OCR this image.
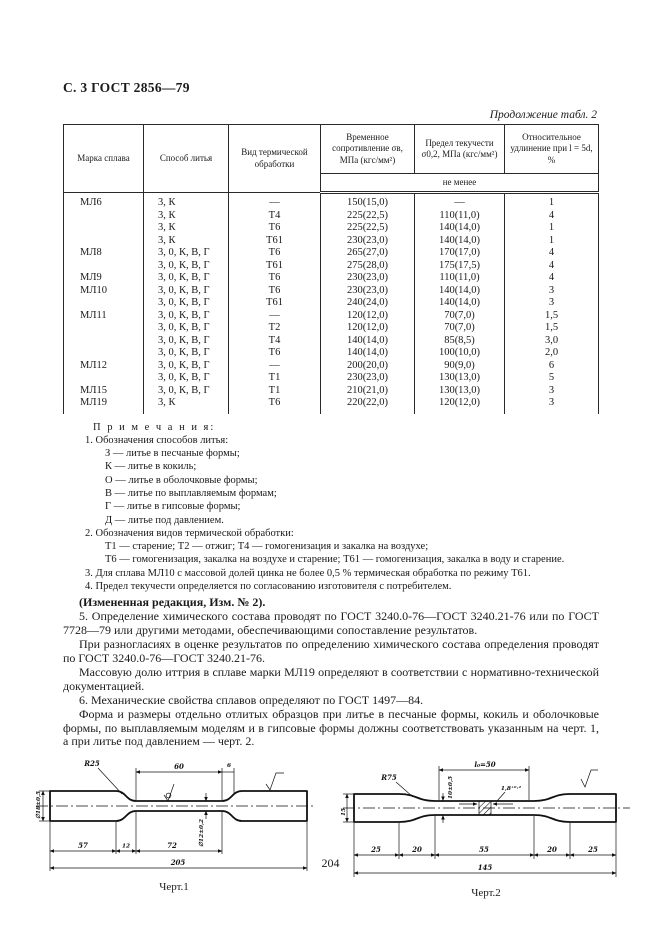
С. 3 ГОСТ 2856—79
Продолжение табл. 2
Марка сплава	Способ литья	Вид термической обработки	Временное сопротивление σв, МПа (кгс/мм²)	Предел текучести σ0,2, МПа (кгс/мм²)	Относительное удлинение при l = 5d, %
			не менее		
МЛ6	3, К	—	150(15,0)	—	1
	3, К	Т4	225(22,5)	110(11,0)	4
	3, К	Т6	225(22,5)	140(14,0)	1
	3, К	Т61	230(23,0)	140(14,0)	1
МЛ8	3, 0, К, В, Г	Т6	265(27,0)	170(17,0)	4
	3, 0, К, В, Г	Т61	275(28,0)	175(17,5)	4
МЛ9	3, 0, К, В, Г	Т6	230(23,0)	110(11,0)	4
МЛ10	3, 0, К, В, Г	Т6	230(23,0)	140(14,0)	3
	3, 0, К, В, Г	Т61	240(24,0)	140(14,0)	3
МЛ11	3, 0, К, В, Г	—	120(12,0)	70(7,0)	1,5
	3, 0, К, В, Г	Т2	120(12,0)	70(7,0)	1,5
	3, 0, К, В, Г	Т4	140(14,0)	85(8,5)	3,0
	3, 0, К, В, Г	Т6	140(14,0)	100(10,0)	2,0
МЛ12	3, 0, К, В, Г	—	200(20,0)	90(9,0)	6
	3, 0, К, В, Г	Т1	230(23,0)	130(13,0)	5
МЛ15	3, 0, К, В, Г	Т1	210(21,0)	130(13,0)	3
МЛ19	3, К	Т6	220(22,0)	120(12,0)	3
П р и м е ч а н и я:
1. Обозначения способов литья:
З — литье в песчаные формы;
К — литье в кокиль;
О — литье в оболочковые формы;
В — литье по выплавляемым формам;
Г — литье в гипсовые формы;
Д — литье под давлением.
2. Обозначения видов термической обработки:
Т1 — старение; Т2 — отжиг; Т4 — гомогенизация и закалка на воздухе;
Т6 — гомогенизация, закалка на воздухе и старение; Т61 — гомогенизация, закалка в воду и старение.
3. Для сплава МЛ10 с массовой долей цинка не более 0,5 % термическая обработка по режиму Т61.
4. Предел текучести определяется по согласованию изготовителя с потребителем.

(Измененная редакция, Изм. № 2).

5. Определение химического состава проводят по ГОСТ 3240.0-76—ГОСТ 3240.21-76 или по ГОСТ 7728—79 или другими методами, обеспечивающими сопоставление результатов.

При разногласиях в оценке результатов по определению химического состава определения проводят по ГОСТ 3240.0-76—ГОСТ 3240.21-76.

Массовую долю иттрия в сплаве марки МЛ19 определяют в соответствии с нормативно-технической документацией.

6. Механические свойства сплавов определяют по ГОСТ 1497—84.

Форма и размеры отдельно отлитых образцов при литье в песчаные формы, кокиль и оболочковые формы, по выплавляемым моделям и в гипсовые формы должны соответствовать указанным на черт. 1, а при литье под давлением — черт. 2.

∅18±0,5
60	6
R25
∅12±0,2
57	12	72
205
Черт.1
15
l₀=50
R75	10±0,5	1,8⁺⁰·²
25	20	55	20	25
145
Черт.2
204
